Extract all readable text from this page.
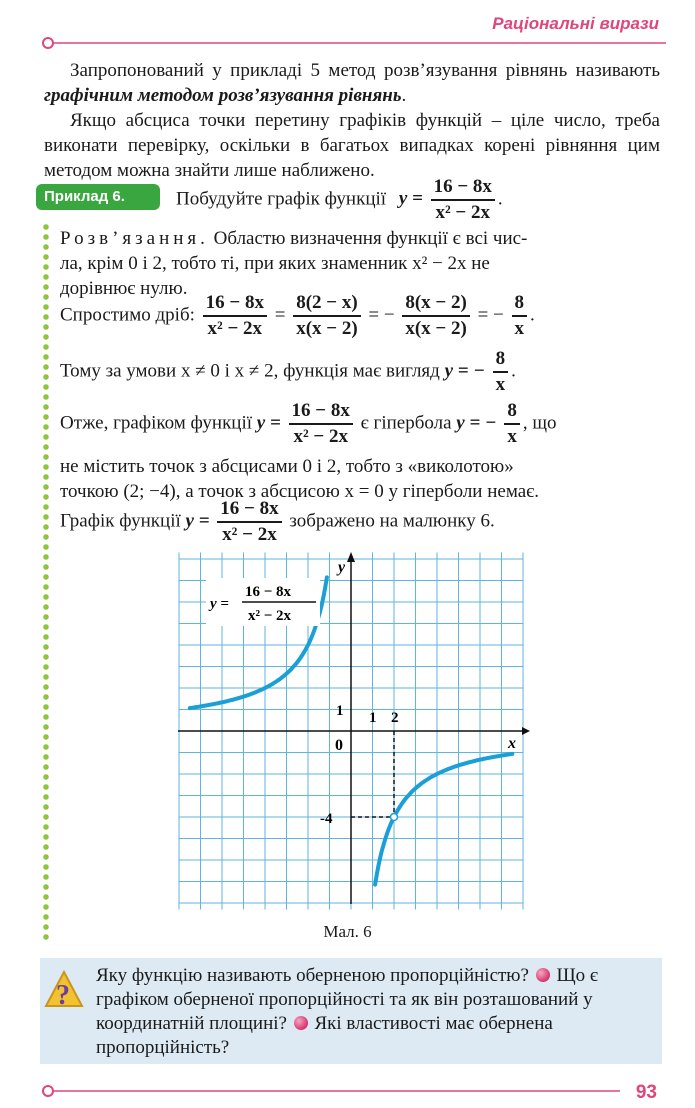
Раціональні вирази

Запропонований у прикладі 5 метод розв’язування рівнянь називають графічним методом розв’язування рівнянь.

Якщо абсциса точки перетину графіків функцій – ціле число, треба виконати перевірку, оскільки в багатьох випадках корені рівняння цим методом можна знайти лише наближено.

Приклад 6.	Побудуйте графік функції $y = \frac{16 - 8x}{\text{x² − 2x}}$ .
Розв’язання. Областю визначення функції є всі чис-
ла, крім 0 і 2, тобто ті, при яких знаменник x² − 2x не
дорівнює нулю.
Спростимо дріб: $\frac{16 - 8x}{\text{x² − 2x}} = \frac{8(2 - x)}{x(x - 2)}$ = − $\frac{8(x - 2)}{x(x - 2)}$ = − $\frac{8}{x}$ .
Тому за умови x ≠ 0 і x ≠ 2, функція має вигляд y = − $\frac{8}{x}$ .
Отже, графіком функції $y = \frac{16 - 8x}{\text{x² − 2x}}$ є гіпербола y = − $\frac{8}{x}$ , що
не містить точок з абсцисами 0 і 2, тобто з «виколотою»
точкою (2; −4), а точок з абсцисою x = 0 у гіперболи немає.
Графік функції $y = \frac{16 - 8x}{\text{x² − 2x}}$ зображено на малюнку 6.
y =
16 − 8x
x² − 2x
y
x
0
1 1 2
-4
Мал. 6
?
Яку функцію називають оберненою пропорційністю? Що є графіком оберненої пропорційності та як він розташований у координатній площині? Які властивості має обернена пропорційність?
93
